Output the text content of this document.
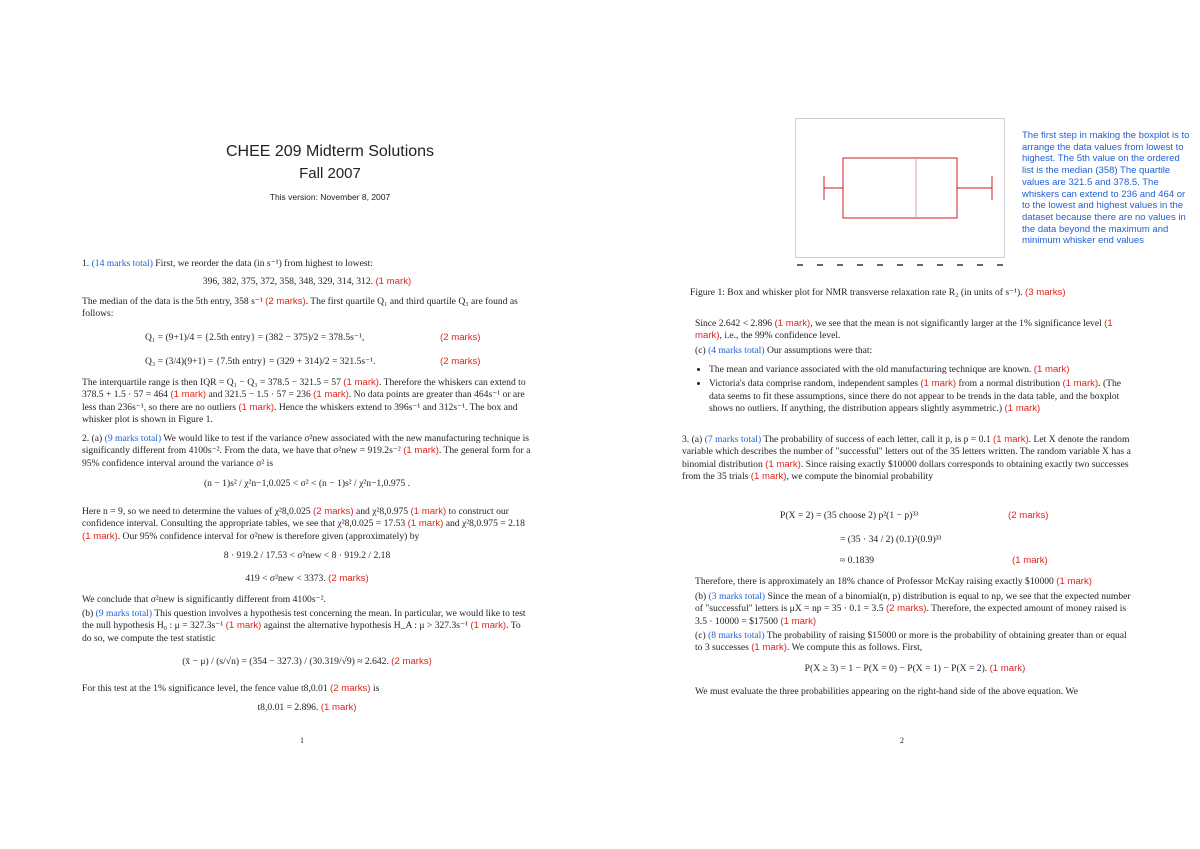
CHEE 209 Midterm Solutions
Fall 2007
This version: November 8, 2007
1. (14 marks total) First, we reorder the data (in s⁻¹) from highest to lowest:
396, 382, 375, 372, 358, 348, 329, 314, 312. (1 mark)
The median of the data is the 5th entry, 358 s⁻¹ (2 marks). The first quartile Q₁ and third quartile Q₃ are found as follows:
Q₁ = (9+1)/4 = {2.5th entry} = (382 − 375)/2 = 378.5s⁻¹,	(2 marks)
Q₃ = (3/4)(9+1) = {7.5th entry} = (329 + 314)/2 = 321.5s⁻¹.	(2 marks)
The interquartile range is then IQR = Q₁ − Q₃ = 378.5 − 321.5 = 57 (1 mark). Therefore the whiskers can extend to 378.5 + 1.5 · 57 = 464 (1 mark) and 321.5 − 1.5 · 57 = 236 (1 mark). No data points are greater than 464s⁻¹ or are less than 236s⁻¹, so there are no outliers (1 mark). Hence the whiskers extend to 396s⁻¹ and 312s⁻¹. The box and whisker plot is shown in Figure 1.
2. (a) (9 marks total) We would like to test if the variance σ²new associated with the new manufacturing technique is significantly different from 4100s⁻². From the data, we have that σ²new = 919.2s⁻² (1 mark). The general form for a 95% confidence interval around the variance σ² is
(n − 1)s² / χ²n−1,0.025 < σ² < (n − 1)s² / χ²n−1,0.975 .
Here n = 9, so we need to determine the values of χ²8,0.025 (2 marks) and χ²8,0.975 (1 mark) to construct our confidence interval. Consulting the appropriate tables, we see that χ²8,0.025 = 17.53 (1 mark) and χ²8,0.975 = 2.18 (1 mark). Our 95% confidence interval for σ²new is therefore given (approximately) by
8 · 919.2 / 17.53 < σ²new < 8 · 919.2 / 2.18
419 < σ²new < 3373. (2 marks)
We conclude that σ²new is significantly different from 4100s⁻².
(b) (9 marks total) This question involves a hypothesis test concerning the mean. In particular, we would like to test the null hypothesis H₀ : μ = 327.3s⁻¹ (1 mark) against the alternative hypothesis H_A : μ > 327.3s⁻¹ (1 mark). To do so, we compute the test statistic
(x̄ − μ) / (s/√n) = (354 − 327.3) / (30.319/√9) ≈ 2.642. (2 marks)
For this test at the 1% significance level, the fence value t8,0.01 (2 marks) is
t8,0.01 = 2.896. (1 mark)
1
The first step in making the boxplot is to arrange the data values from lowest to highest. The 5th value on the ordered list is the median (358) The quartile values are 321.5 and 378.5. The whiskers can extend to 236 and 464 or to the lowest and highest values in the dataset because there are no values in the data beyond the maximum and minimum whisker end values
Figure 1: Box and whisker plot for NMR transverse relaxation rate R₂ (in units of s⁻¹). (3 marks)
Since 2.642 < 2.896 (1 mark), we see that the mean is not significantly larger at the 1% significance level (1 mark), i.e., the 99% confidence level.
(c) (4 marks total) Our assumptions were that:
• The mean and variance associated with the old manufacturing technique are known. (1 mark)
• Victoria's data comprise random, independent samples (1 mark) from a normal distribution (1 mark). (The data seems to fit these assumptions, since there do not appear to be trends in the data table, and the boxplot shows no outliers. If anything, the distribution appears slightly asymmetric.) (1 mark)
3. (a) (7 marks total) The probability of success of each letter, call it p, is p = 0.1 (1 mark). Let X denote the random variable which describes the number of "successful" letters out of the 35 letters written. The random variable X has a binomial distribution (1 mark). Since raising exactly $10000 dollars corresponds to obtaining exactly two successes from the 35 trials (1 mark), we compute the binomial probability
P(X = 2) = (35 choose 2) p²(1 − p)³³	(2 marks)
= (35 · 34 / 2) (0.1)²(0.9)³³
≈ 0.1839	(1 mark)
Therefore, there is approximately an 18% chance of Professor McKay raising exactly $10000 (1 mark)
(b) (3 marks total) Since the mean of a binomial(n, p) distribution is equal to np, we see that the expected number of "successful" letters is μX = np = 35 · 0.1 = 3.5 (2 marks). Therefore, the expected amount of money raised is 3.5 · 10000 = $17500 (1 mark)
(c) (8 marks total) The probability of raising $15000 or more is the probability of obtaining greater than or equal to 3 successes (1 mark). We compute this as follows. First,
P(X ≥ 3) = 1 − P(X = 0) − P(X = 1) − P(X = 2). (1 mark)
We must evaluate the three probabilities appearing on the right-hand side of the above equation. We
2
